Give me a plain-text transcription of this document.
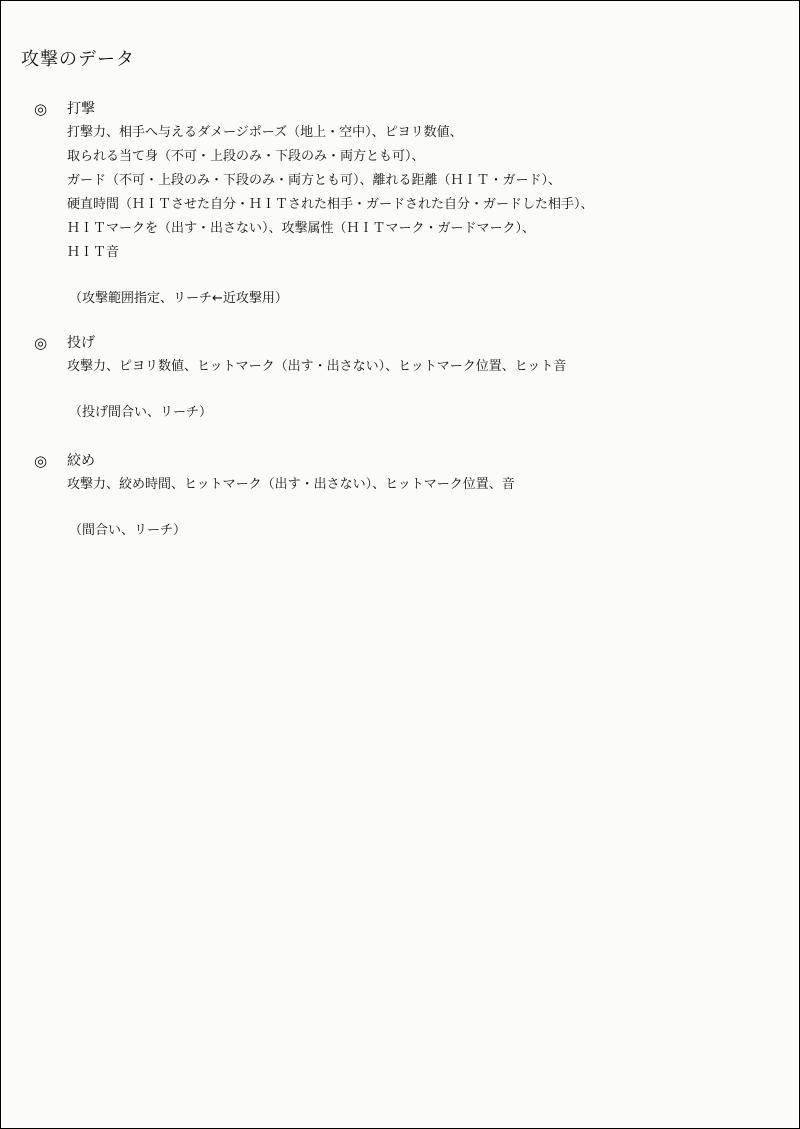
攻撃のデータ
◎	打撃
打撃力、相手へ与えるダメージポーズ（地上・空中）、ピヨリ数値、
取られる当て身（不可・上段のみ・下段のみ・両方とも可）、
ガード（不可・上段のみ・下段のみ・両方とも可）、離れる距離（ＨＩＴ・ガード）、
硬直時間（ＨＩＴさせた自分・ＨＩＴされた相手・ガードされた自分・ガードした相手）、
ＨＩＴマークを（出す・出さない）、攻撃属性（ＨＩＴマーク・ガードマーク）、
ＨＩＴ音
（攻撃範囲指定、リーチ←近攻撃用）
◎	投げ
攻撃力、ピヨリ数値、ヒットマーク（出す・出さない）、ヒットマーク位置、ヒット音
（投げ間合い、リーチ）
◎	絞め
攻撃力、絞め時間、ヒットマーク（出す・出さない）、ヒットマーク位置、音
（間合い、リーチ）
